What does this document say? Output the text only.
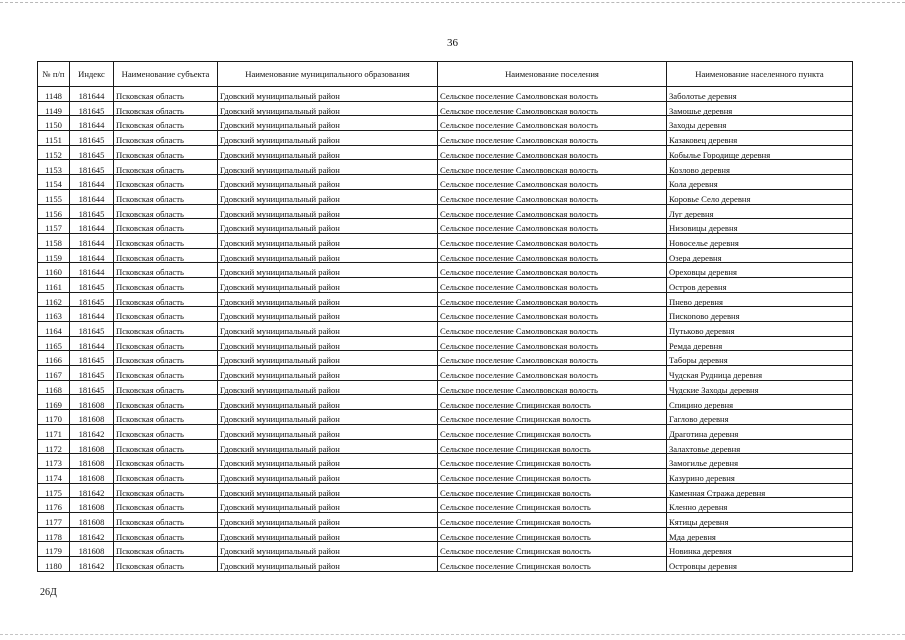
36
№ п/п	Индекс	Наименование субъекта	Наименование муниципального образования	Наименование поселения	Наименование населенного пункта
1148	181644	Псковская область	Гдовский муниципальный район	Сельское поселение Самолвовская волость	Заболотье деревня
1149	181645	Псковская область	Гдовский муниципальный район	Сельское поселение Самолвовская волость	Замошье деревня
1150	181644	Псковская область	Гдовский муниципальный район	Сельское поселение Самолвовская волость	Заходы деревня
1151	181645	Псковская область	Гдовский муниципальный район	Сельское поселение Самолвовская волость	Казаковец деревня
1152	181645	Псковская область	Гдовский муниципальный район	Сельское поселение Самолвовская волость	Кобылье Городище деревня
1153	181645	Псковская область	Гдовский муниципальный район	Сельское поселение Самолвовская волость	Козлово деревня
1154	181644	Псковская область	Гдовский муниципальный район	Сельское поселение Самолвовская волость	Кола деревня
1155	181644	Псковская область	Гдовский муниципальный район	Сельское поселение Самолвовская волость	Коровье Село деревня
1156	181645	Псковская область	Гдовский муниципальный район	Сельское поселение Самолвовская волость	Луг деревня
1157	181644	Псковская область	Гдовский муниципальный район	Сельское поселение Самолвовская волость	Низовицы деревня
1158	181644	Псковская область	Гдовский муниципальный район	Сельское поселение Самолвовская волость	Новоселье деревня
1159	181644	Псковская область	Гдовский муниципальный район	Сельское поселение Самолвовская волость	Озера деревня
1160	181644	Псковская область	Гдовский муниципальный район	Сельское поселение Самолвовская волость	Ореховцы деревня
1161	181645	Псковская область	Гдовский муниципальный район	Сельское поселение Самолвовская волость	Остров деревня
1162	181645	Псковская область	Гдовский муниципальный район	Сельское поселение Самолвовская волость	Пнево деревня
1163	181644	Псковская область	Гдовский муниципальный район	Сельское поселение Самолвовская волость	Пискоnово деревня
1164	181645	Псковская область	Гдовский муниципальный район	Сельское поселение Самолвовская волость	Путьково деревня
1165	181644	Псковская область	Гдовский муниципальный район	Сельское поселение Самолвовская волость	Ремда деревня
1166	181645	Псковская область	Гдовский муниципальный район	Сельское поселение Самолвовская волость	Таборы деревня
1167	181645	Псковская область	Гдовский муниципальный район	Сельское поселение Самолвовская волость	Чудская Рудница деревня
1168	181645	Псковская область	Гдовский муниципальный район	Сельское поселение Самолвовская волость	Чудские Заходы деревня
1169	181608	Псковская область	Гдовский муниципальный район	Сельское поселение Спицинская волость	Спицино деревня
1170	181608	Псковская область	Гдовский муниципальный район	Сельское поселение Спицинская волость	Гаглово деревня
1171	181642	Псковская область	Гдовский муниципальный район	Сельское поселение Спицинская волость	Драготина деревня
1172	181608	Псковская область	Гдовский муниципальный район	Сельское поселение Спицинская волость	Залахтовье деревня
1173	181608	Псковская область	Гдовский муниципальный район	Сельское поселение Спицинская волость	Замогилье деревня
1174	181608	Псковская область	Гдовский муниципальный район	Сельское поселение Спицинская волость	Казурино деревня
1175	181642	Псковская область	Гдовский муниципальный район	Сельское поселение Спицинская волость	Каменная Стража деревня
1176	181608	Псковская область	Гдовский муниципальный район	Сельское поселение Спицинская волость	Кленно деревня
1177	181608	Псковская область	Гдовский муниципальный район	Сельское поселение Спицинская волость	Кятицы деревня
1178	181642	Псковская область	Гдовский муниципальный район	Сельское поселение Спицинская волость	Мда деревня
1179	181608	Псковская область	Гдовский муниципальный район	Сельское поселение Спицинская волость	Новинка деревня
1180	181642	Псковская область	Гдовский муниципальный район	Сельское поселение Спицинская волость	Островцы деревня
26Д
